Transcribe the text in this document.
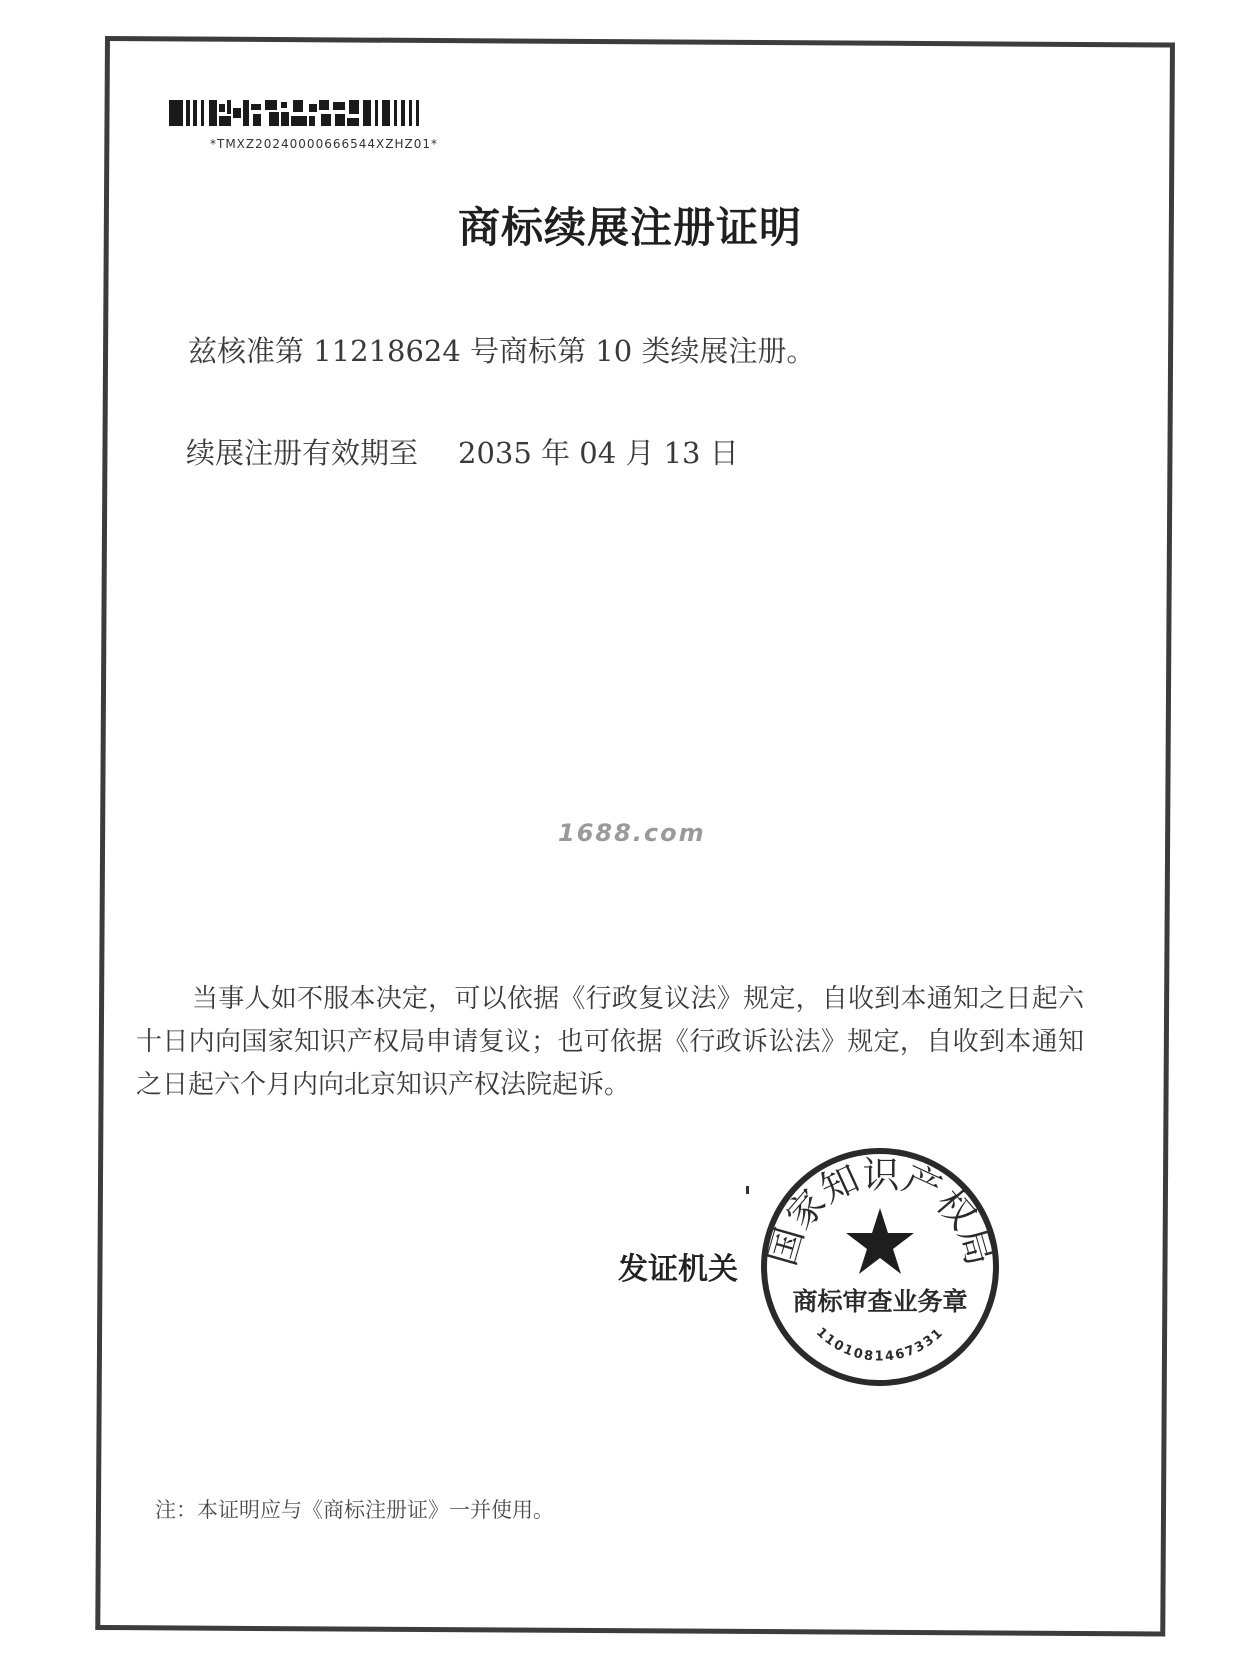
*TMXZ20240000666544XZHZ01*
商标续展注册证明
兹核准第 11218624 号商标第 10 类续展注册。
续展注册有效期至 2035 年 04 月 13 日
1688.com
当事人如不服本决定，可以依据《行政复议法》规定，自收到本通知之日起六十日内向国家知识产权局申请复议；也可依据《行政诉讼法》规定，自收到本通知之日起六个月内向北京知识产权法院起诉。
发证机关 国家知识产权局
商标审查业务章
1101081467331
注：本证明应与《商标注册证》一并使用。
